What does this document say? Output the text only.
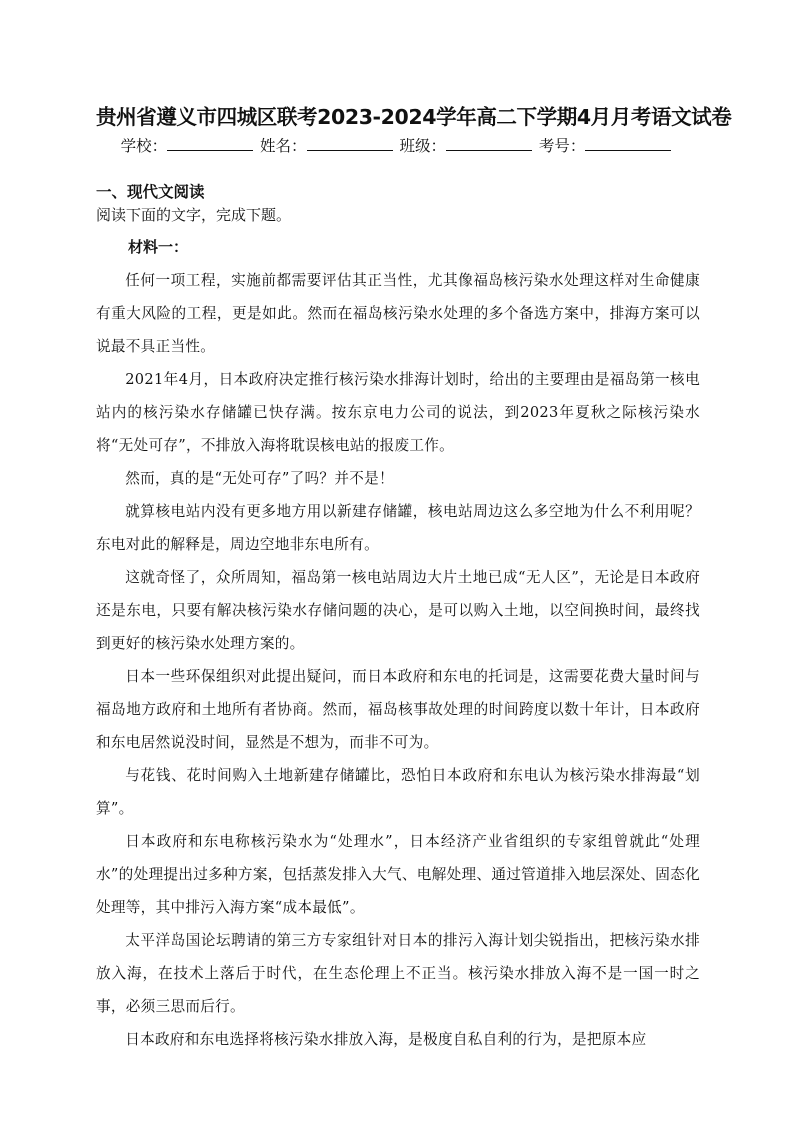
贵州省遵义市四城区联考2023-2024学年高二下学期4月月考语文试卷
学校：	姓名：	班级：	考号：
一、现代文阅读
阅读下面的文字，完成下题。
材料一：

任何一项工程，实施前都需要评估其正当性，尤其像福岛核污染水处理这样对生命健康有重大风险的工程，更是如此。然而在福岛核污染水处理的多个备选方案中，排海方案可以说最不具正当性。

2021年4月，日本政府决定推行核污染水排海计划时，给出的主要理由是福岛第一核电站内的核污染水存储罐已快存满。按东京电力公司的说法，到2023年夏秋之际核污染水将“无处可存”，不排放入海将耽误核电站的报废工作。

然而，真的是“无处可存”了吗？并不是！

就算核电站内没有更多地方用以新建存储罐，核电站周边这么多空地为什么不利用呢？东电对此的解释是，周边空地非东电所有。

这就奇怪了，众所周知，福岛第一核电站周边大片土地已成“无人区”，无论是日本政府还是东电，只要有解决核污染水存储问题的决心，是可以购入土地，以空间换时间，最终找到更好的核污染水处理方案的。

日本一些环保组织对此提出疑问，而日本政府和东电的托词是，这需要花费大量时间与福岛地方政府和土地所有者协商。然而，福岛核事故处理的时间跨度以数十年计，日本政府和东电居然说没时间，显然是不想为，而非不可为。

与花钱、花时间购入土地新建存储罐比，恐怕日本政府和东电认为核污染水排海最“划算”。

日本政府和东电称核污染水为“处理水”，日本经济产业省组织的专家组曾就此“处理水”的处理提出过多种方案，包括蒸发排入大气、电解处理、通过管道排入地层深处、固态化处理等，其中排污入海方案“成本最低”。

太平洋岛国论坛聘请的第三方专家组针对日本的排污入海计划尖锐指出，把核污染水排放入海，在技术上落后于时代，在生态伦理上不正当。核污染水排放入海不是一国一时之事，必须三思而后行。

日本政府和东电选择将核污染水排放入海，是极度自私自利的行为，是把原本应
